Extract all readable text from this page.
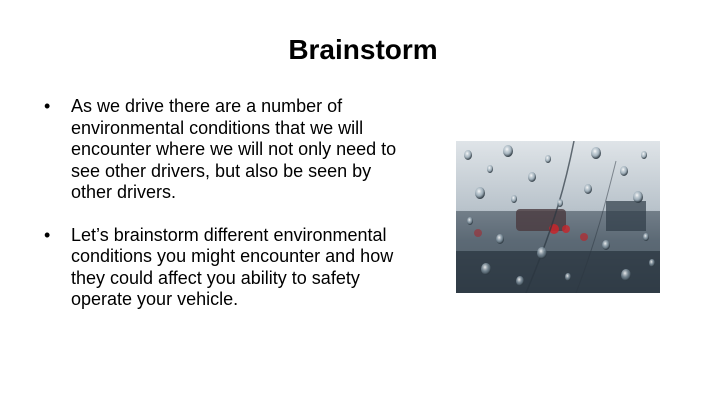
Brainstorm
• As we drive there are a number of environmental conditions that we will encounter where we will not only need to see other drivers, but also be seen by other drivers.
• Let’s brainstorm different environmental conditions you might encounter and how they could affect you ability to safety operate your vehicle.
